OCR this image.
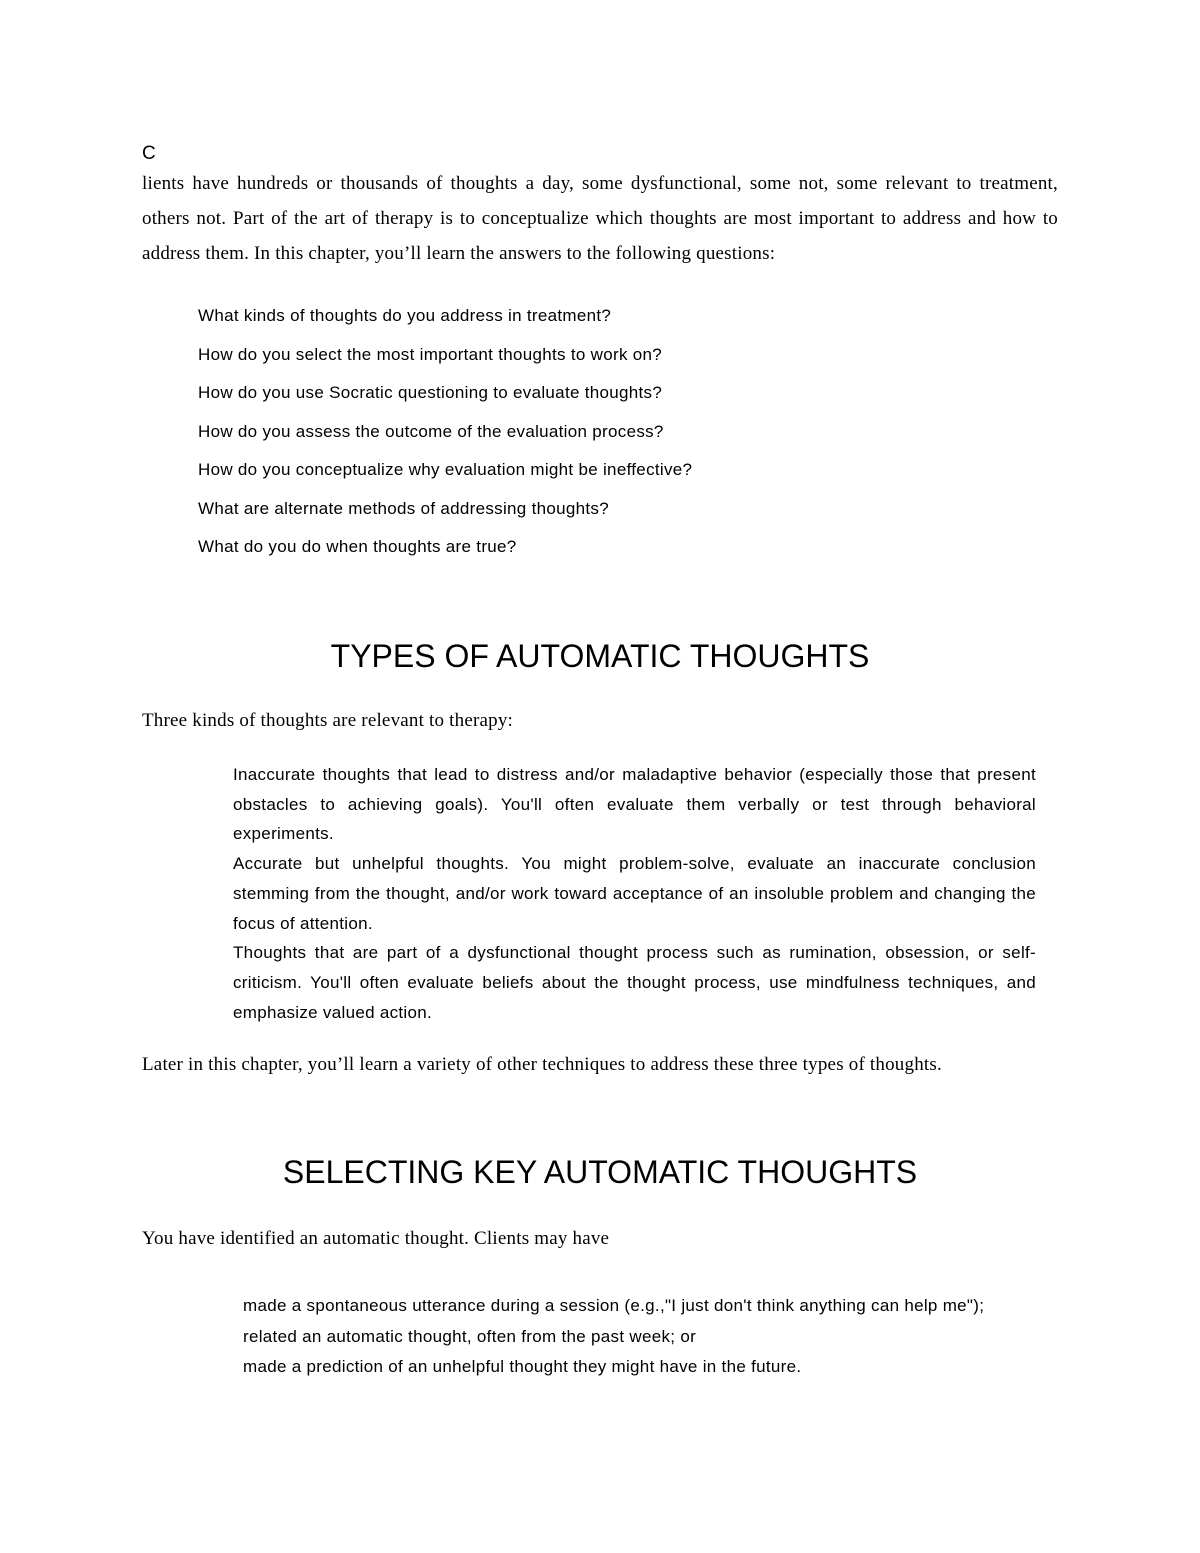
C

lients have hundreds or thousands of thoughts a day, some dysfunctional, some not, some relevant to treatment, others not. Part of the art of therapy is to conceptualize which thoughts are most important to address and how to address them. In this chapter, you’ll learn the answers to the following questions:

What kinds of thoughts do you address in treatment?
How do you select the most important thoughts to work on?
How do you use Socratic questioning to evaluate thoughts?
How do you assess the outcome of the evaluation process?
How do you conceptualize why evaluation might be ineffective?
What are alternate methods of addressing thoughts?
What do you do when thoughts are true?
TYPES OF AUTOMATIC THOUGHTS

Three kinds of thoughts are relevant to therapy:

Inaccurate thoughts that lead to distress and/or maladaptive behavior (especially those that present obstacles to achieving goals). You'll often evaluate them verbally or test through behavioral experiments.
Accurate but unhelpful thoughts. You might problem-solve, evaluate an inaccurate conclusion stemming from the thought, and/or work toward acceptance of an insoluble problem and changing the focus of attention.
Thoughts that are part of a dysfunctional thought process such as rumination, obsession, or self-criticism. You'll often evaluate beliefs about the thought process, use mindfulness techniques, and emphasize valued action.

Later in this chapter, you’ll learn a variety of other techniques to address these three types of thoughts.

SELECTING KEY AUTOMATIC THOUGHTS

You have identified an automatic thought. Clients may have

made a spontaneous utterance during a session (e.g.,"I just don't think anything can help me");
related an automatic thought, often from the past week; or
made a prediction of an unhelpful thought they might have in the future.
